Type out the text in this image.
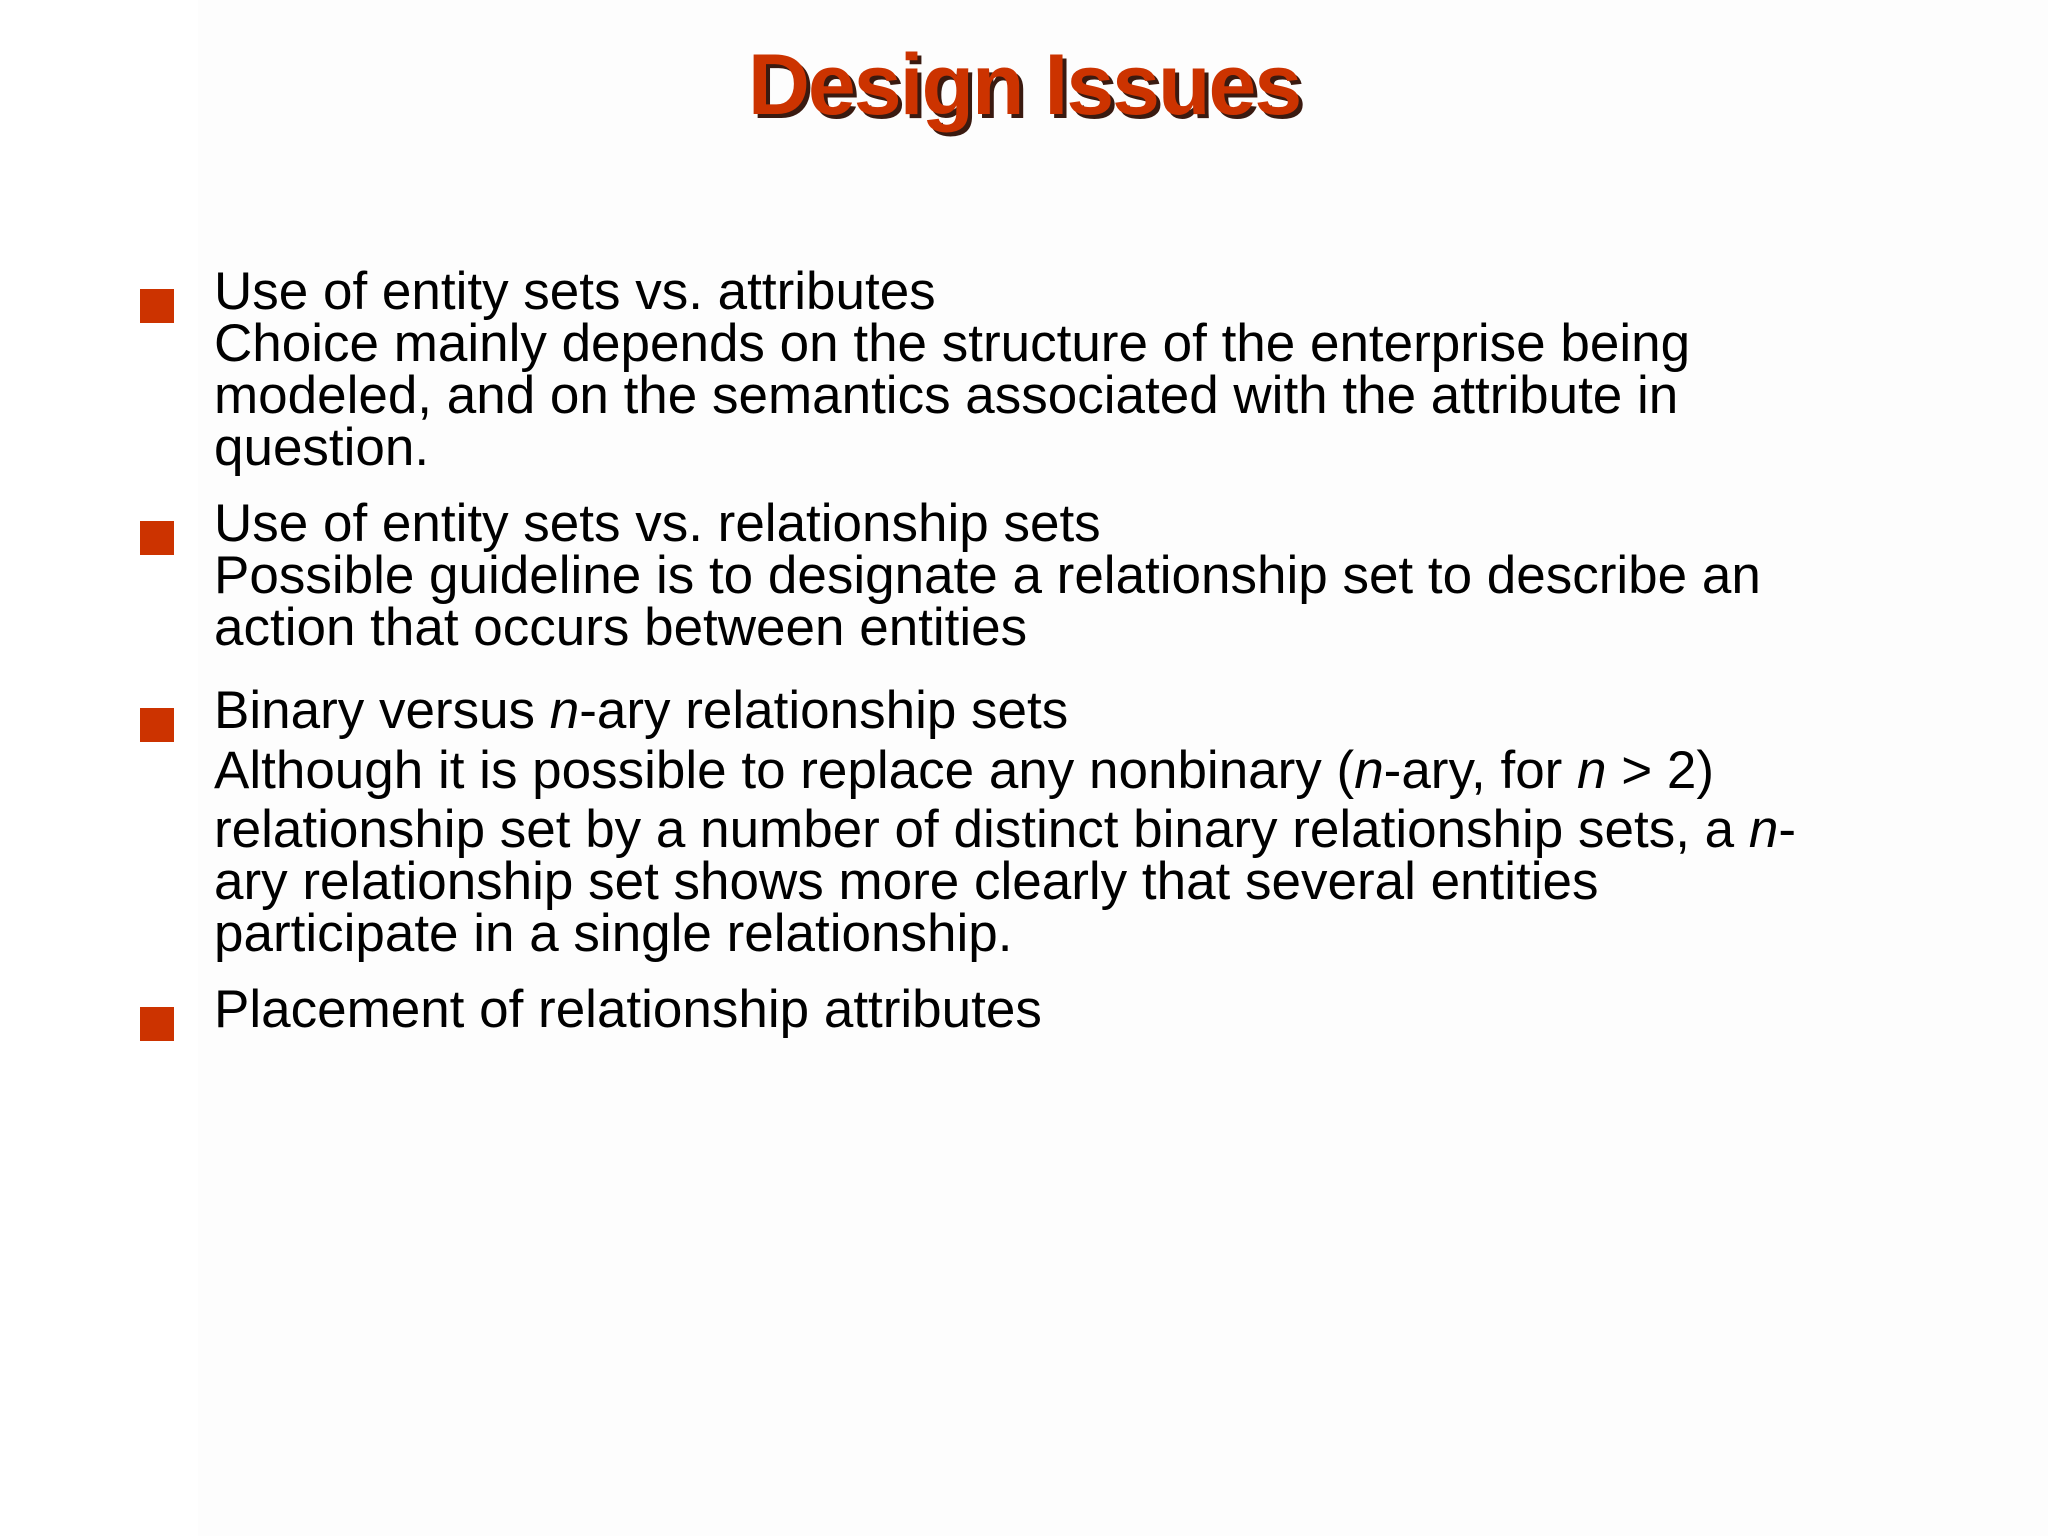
Design Issues
Use of entity sets vs. attributes
Choice mainly depends on the structure of the enterprise being
modeled, and on the semantics associated with the attribute in
question.
Use of entity sets vs. relationship sets
Possible guideline is to designate a relationship set to describe an
action that occurs between entities
Binary versus n-ary relationship sets
Although it is possible to replace any nonbinary (n-ary, for n > 2)
relationship set by a number of distinct binary relationship sets, a n-
ary relationship set shows more clearly that several entities
participate in a single relationship.
Placement of relationship attributes
